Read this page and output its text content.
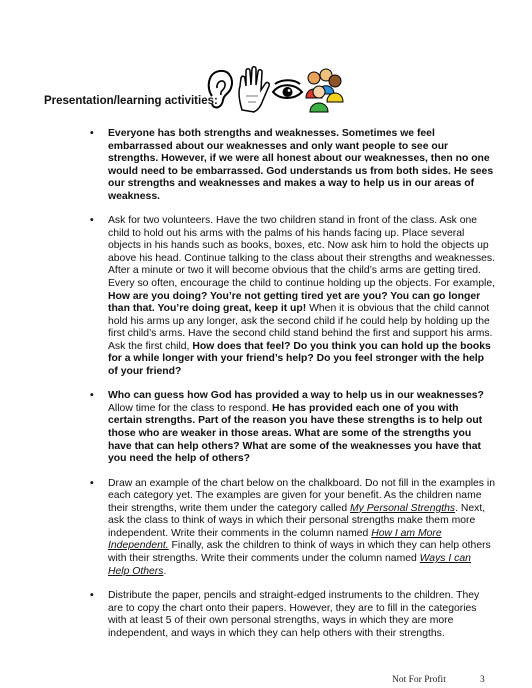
Presentation/learning activities:

• Everyone has both strengths and weaknesses. Sometimes we feel embarrassed about our weaknesses and only want people to see our strengths. However, if we were all honest about our weaknesses, then no one would need to be embarrassed. God understands us from both sides. He sees our strengths and weaknesses and makes a way to help us in our areas of weakness.

• Ask for two volunteers. Have the two children stand in front of the class. Ask one child to hold out his arms with the palms of his hands facing up. Place several objects in his hands such as books, boxes, etc. Now ask him to hold the objects up above his head. Continue talking to the class about their strengths and weaknesses. After a minute or two it will become obvious that the child’s arms are getting tired. Every so often, encourage the child to continue holding up the objects. For example, How are you doing? You’re not getting tired yet are you? You can go longer than that. You’re doing great, keep it up! When it is obvious that the child cannot hold his arms up any longer, ask the second child if he could help by holding up the first child’s arms. Have the second child stand behind the first and support his arms. Ask the first child, How does that feel? Do you think you can hold up the books for a while longer with your friend’s help? Do you feel stronger with the help of your friend?

• Who can guess how God has provided a way to help us in our weaknesses? Allow time for the class to respond. He has provided each one of you with certain strengths. Part of the reason you have these strengths is to help out those who are weaker in those areas. What are some of the strengths you have that can help others? What are some of the weaknesses you have that you need the help of others?

• Draw an example of the chart below on the chalkboard. Do not fill in the examples in each category yet. The examples are given for your benefit. As the children name their strengths, write them under the category called My Personal Strengths. Next, ask the class to think of ways in which their personal strengths make them more independent. Write their comments in the column named How I am More Independent. Finally, ask the children to think of ways in which they can help others with their strengths. Write their comments under the column named Ways I can Help Others.

• Distribute the paper, pencils and straight-edged instruments to the children. They are to copy the chart onto their papers. However, they are to fill in the categories with at least 5 of their own personal strengths, ways in which they are more independent, and ways in which they can help others with their strengths.

Not For Profit	3
